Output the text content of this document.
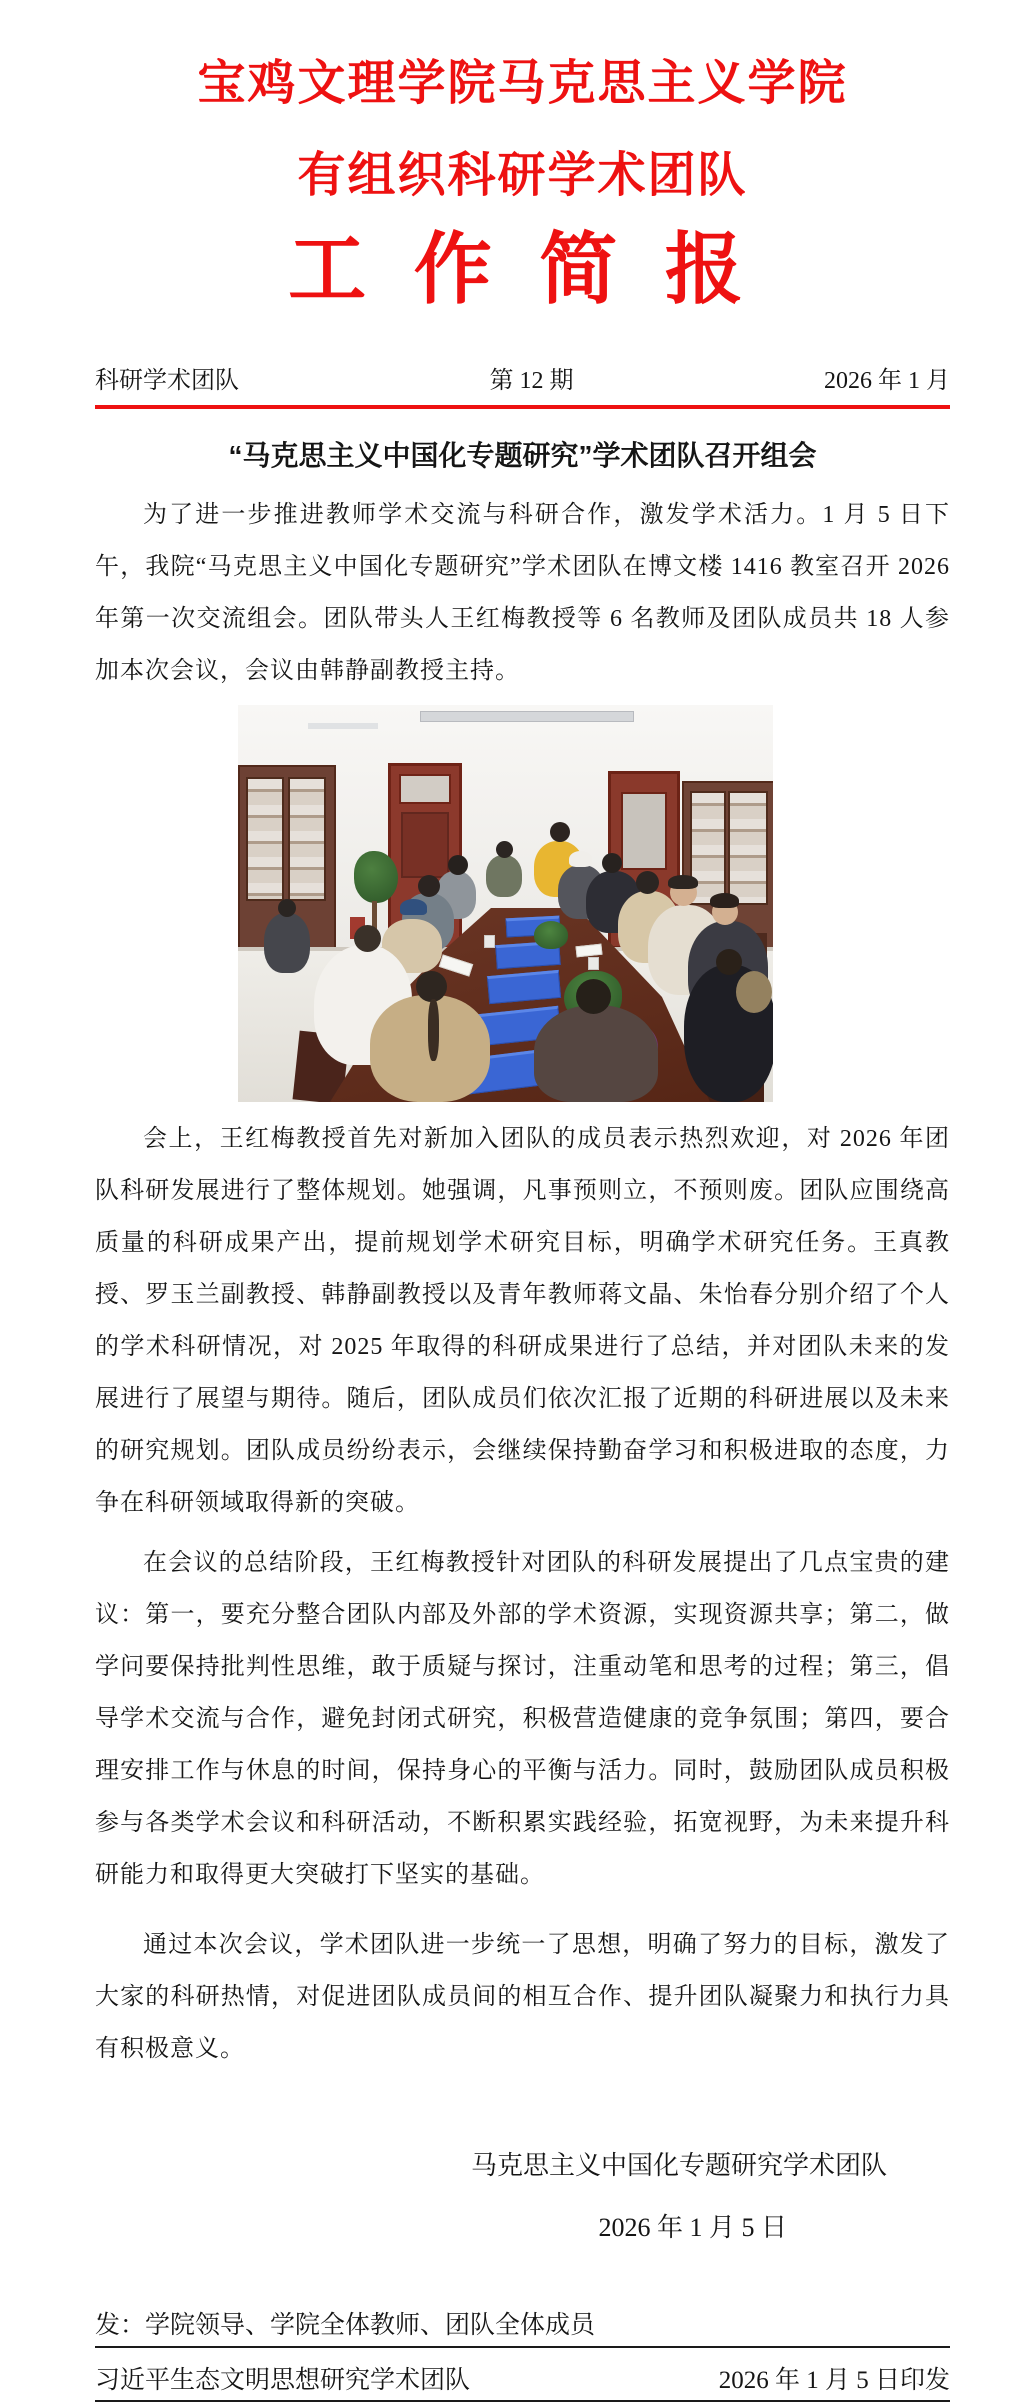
宝鸡文理学院马克思主义学院
有组织科研学术团队
工 作 简 报
科研学术团队	第 12 期	2026 年 1 月
“马克思主义中国化专题研究”学术团队召开组会

为了进一步推进教师学术交流与科研合作，激发学术活力。1 月 5 日下午，我院“马克思主义中国化专题研究”学术团队在博文楼 1416 教室召开 2026 年第一次交流组会。团队带头人王红梅教授等 6 名教师及团队成员共 18 人参加本次会议，会议由韩静副教授主持。

会上，王红梅教授首先对新加入团队的成员表示热烈欢迎，对 2026 年团队科研发展进行了整体规划。她强调，凡事预则立，不预则废。团队应围绕高质量的科研成果产出，提前规划学术研究目标，明确学术研究任务。王真教授、罗玉兰副教授、韩静副教授以及青年教师蒋文晶、朱怡春分别介绍了个人的学术科研情况，对 2025 年取得的科研成果进行了总结，并对团队未来的发展进行了展望与期待。随后，团队成员们依次汇报了近期的科研进展以及未来的研究规划。团队成员纷纷表示，会继续保持勤奋学习和积极进取的态度，力争在科研领域取得新的突破。

在会议的总结阶段，王红梅教授针对团队的科研发展提出了几点宝贵的建议：第一，要充分整合团队内部及外部的学术资源，实现资源共享；第二，做学问要保持批判性思维，敢于质疑与探讨，注重动笔和思考的过程；第三，倡导学术交流与合作，避免封闭式研究，积极营造健康的竞争氛围；第四，要合理安排工作与休息的时间，保持身心的平衡与活力。同时，鼓励团队成员积极参与各类学术会议和科研活动，不断积累实践经验，拓宽视野，为未来提升科研能力和取得更大突破打下坚实的基础。

通过本次会议，学术团队进一步统一了思想，明确了努力的目标，激发了大家的科研热情，对促进团队成员间的相互合作、提升团队凝聚力和执行力具有积极意义。

马克思主义中国化专题研究学术团队
2026 年 1 月 5 日
发：学院领导、学院全体教师、团队全体成员
习近平生态文明思想研究学术团队	2026 年 1 月 5 日印发
